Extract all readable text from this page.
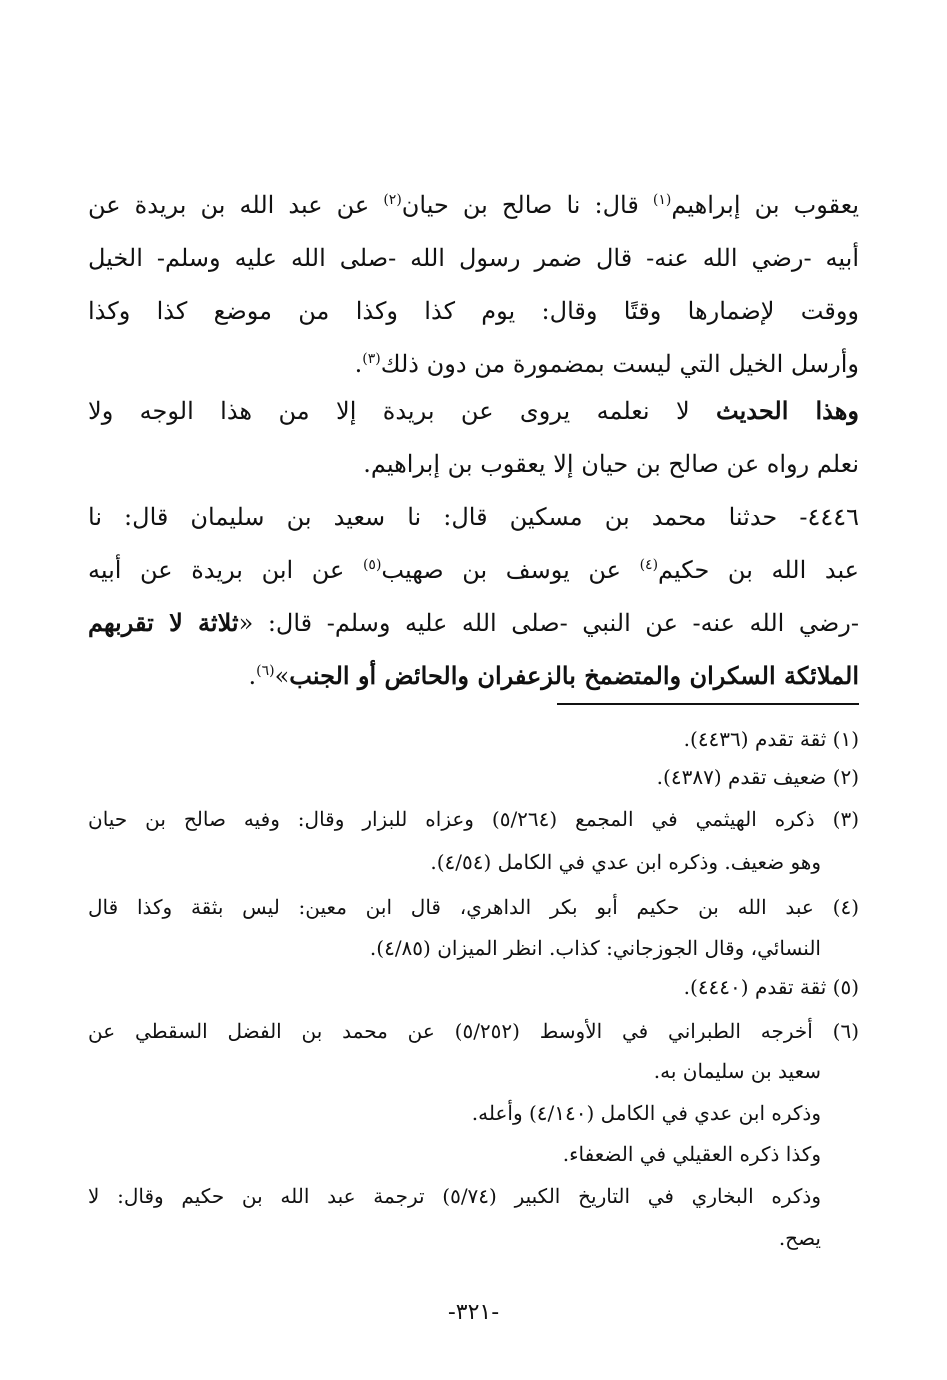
يعقوب بن إبراهيم$^{(١)}$ قال: نا صالح بن حيان$^{(٢)}$ عن عبد الله بن بريدة عن
أبيه -رضي الله عنه- قال ضمر رسول الله -صلى الله عليه وسلم- الخيل
ووقت لإضمارها وقتًا وقال: يوم كذا وكذا من موضع كذا وكذا
وأرسل الخيل التي ليست بمضمورة من دون ذلك$^{(٣)}$.
وهذا الحديث لا نعلمه يروى عن بريدة إلا من هذا الوجه ولا
نعلم رواه عن صالح بن حيان إلا يعقوب بن إبراهيم.
٤٤٤٦- حدثنا محمد بن مسكين قال: نا سعيد بن سليمان قال: نا
عبد الله بن حكيم$^{(٤)}$ عن يوسف بن صهيب$^{(٥)}$ عن ابن بريدة عن أبيه
-رضي الله عنه- عن النبي -صلى الله عليه وسلم- قال: «ثلاثة لا تقربهم
الملائكة السكران والمتضمخ بالزعفران والحائض أو الجنب»$^{(٦)}$.
(١) ثقة تقدم (٤٤٣٦).
(٢) ضعيف تقدم (٤٣٨٧).
(٣) ذكره الهيثمي في المجمع (٥/٢٦٤) وعزاه للبزار وقال: وفيه صالح بن حيان
وهو ضعيف. وذكره ابن عدي في الكامل (٤/٥٤).
(٤) عبد الله بن حكيم أبو بكر الداهري، قال ابن معين: ليس بثقة وكذا قال
النسائي، وقال الجوزجاني: كذاب. انظر الميزان (٤/٨٥).
(٥) ثقة تقدم (٤٤٤٠).
(٦) أخرجه الطبراني في الأوسط (٥/٢٥٢) عن محمد بن الفضل السقطي عن
سعيد بن سليمان به.
وذكره ابن عدي في الكامل (٤/١٤٠) وأعله.
وكذا ذكره العقيلي في الضعفاء.
وذكره البخاري في التاريخ الكبير (٥/٧٤) ترجمة عبد الله بن حكيم وقال: لا
يصح.
-٣٢١-
